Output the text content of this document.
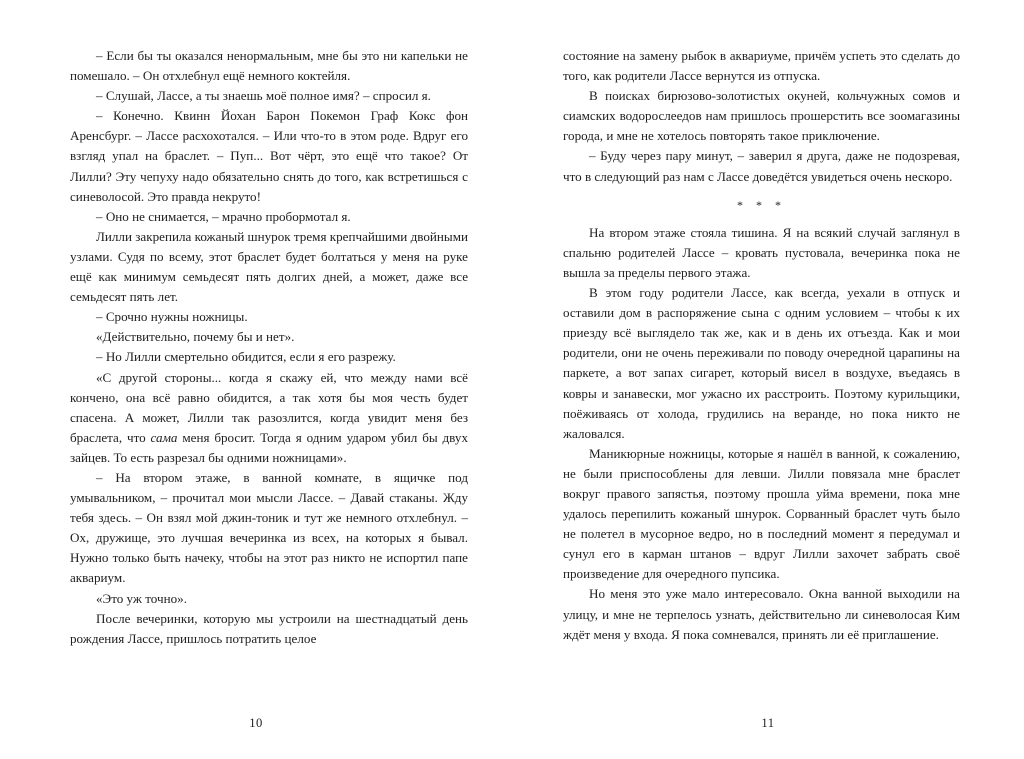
– Если бы ты оказался ненормальным, мне бы это ни капельки не помешало. – Он отхлебнул ещё немного коктейля.

– Слушай, Лассе, а ты знаешь моё полное имя? – спросил я.

– Конечно. Квинн Йохан Барон Покемон Граф Кокс фон Аренсбург. – Лассе расхохотался. – Или что-то в этом роде. Вдруг его взгляд упал на браслет. – Пуп... Вот чёрт, это ещё что такое? От Лилли? Эту чепуху надо обязательно снять до того, как встретишься с синеволосой. Это правда некруто!

– Оно не снимается, – мрачно пробормотал я.

Лилли закрепила кожаный шнурок тремя крепчайшими двойными узлами. Судя по всему, этот браслет будет болтаться у меня на руке ещё как минимум семьдесят пять долгих дней, а может, даже все семьдесят пять лет.

– Срочно нужны ножницы.

«Действительно, почему бы и нет».

– Но Лилли смертельно обидится, если я его разрежу.

«С другой стороны... когда я скажу ей, что между нами всё кончено, она всё равно обидится, а так хотя бы моя честь будет спасена. А может, Лилли так разозлится, когда увидит меня без браслета, что сама меня бросит. Тогда я одним ударом убил бы двух зайцев. То есть разрезал бы одними ножницами».

– На втором этаже, в ванной комнате, в ящичке под умывальником, – прочитал мои мысли Лассе. – Давай стаканы. Жду тебя здесь. – Он взял мой джин-тоник и тут же немного отхлебнул. – Ох, дружище, это лучшая вечеринка из всех, на которых я бывал. Нужно только быть начеку, чтобы на этот раз никто не испортил папе аквариум.

«Это уж точно».

После вечеринки, которую мы устроили на шестнадцатый день рождения Лассе, пришлось потратить целое

10

состояние на замену рыбок в аквариуме, причём успеть это сделать до того, как родители Лассе вернутся из отпуска.

В поисках бирюзово-золотистых окуней, кольчужных сомов и сиамских водорослеедов нам пришлось прошерстить все зоомагазины города, и мне не хотелось повторять такое приключение.

– Буду через пару минут, – заверил я друга, даже не подозревая, что в следующий раз нам с Лассе доведётся увидеться очень нескоро.

* * *

На втором этаже стояла тишина. Я на всякий случай заглянул в спальню родителей Лассе – кровать пустовала, вечеринка пока не вышла за пределы первого этажа.

В этом году родители Лассе, как всегда, уехали в отпуск и оставили дом в распоряжение сына с одним условием – чтобы к их приезду всё выглядело так же, как и в день их отъезда. Как и мои родители, они не очень переживали по поводу очередной царапины на паркете, а вот запах сигарет, который висел в воздухе, въедаясь в ковры и занавески, мог ужасно их расстроить. Поэтому курильщики, поёживаясь от холода, грудились на веранде, но пока никто не жаловался.

Маникюрные ножницы, которые я нашёл в ванной, к сожалению, не были приспособлены для левши. Лилли повязала мне браслет вокруг правого запястья, поэтому прошла уйма времени, пока мне удалось перепилить кожаный шнурок. Сорванный браслет чуть было не полетел в мусорное ведро, но в последний момент я передумал и сунул его в карман штанов – вдруг Лилли захочет забрать своё произведение для очередного пупсика.

Но меня это уже мало интересовало. Окна ванной выходили на улицу, и мне не терпелось узнать, действительно ли синеволосая Ким ждёт меня у входа. Я пока сомневался, принять ли её приглашение.

11
